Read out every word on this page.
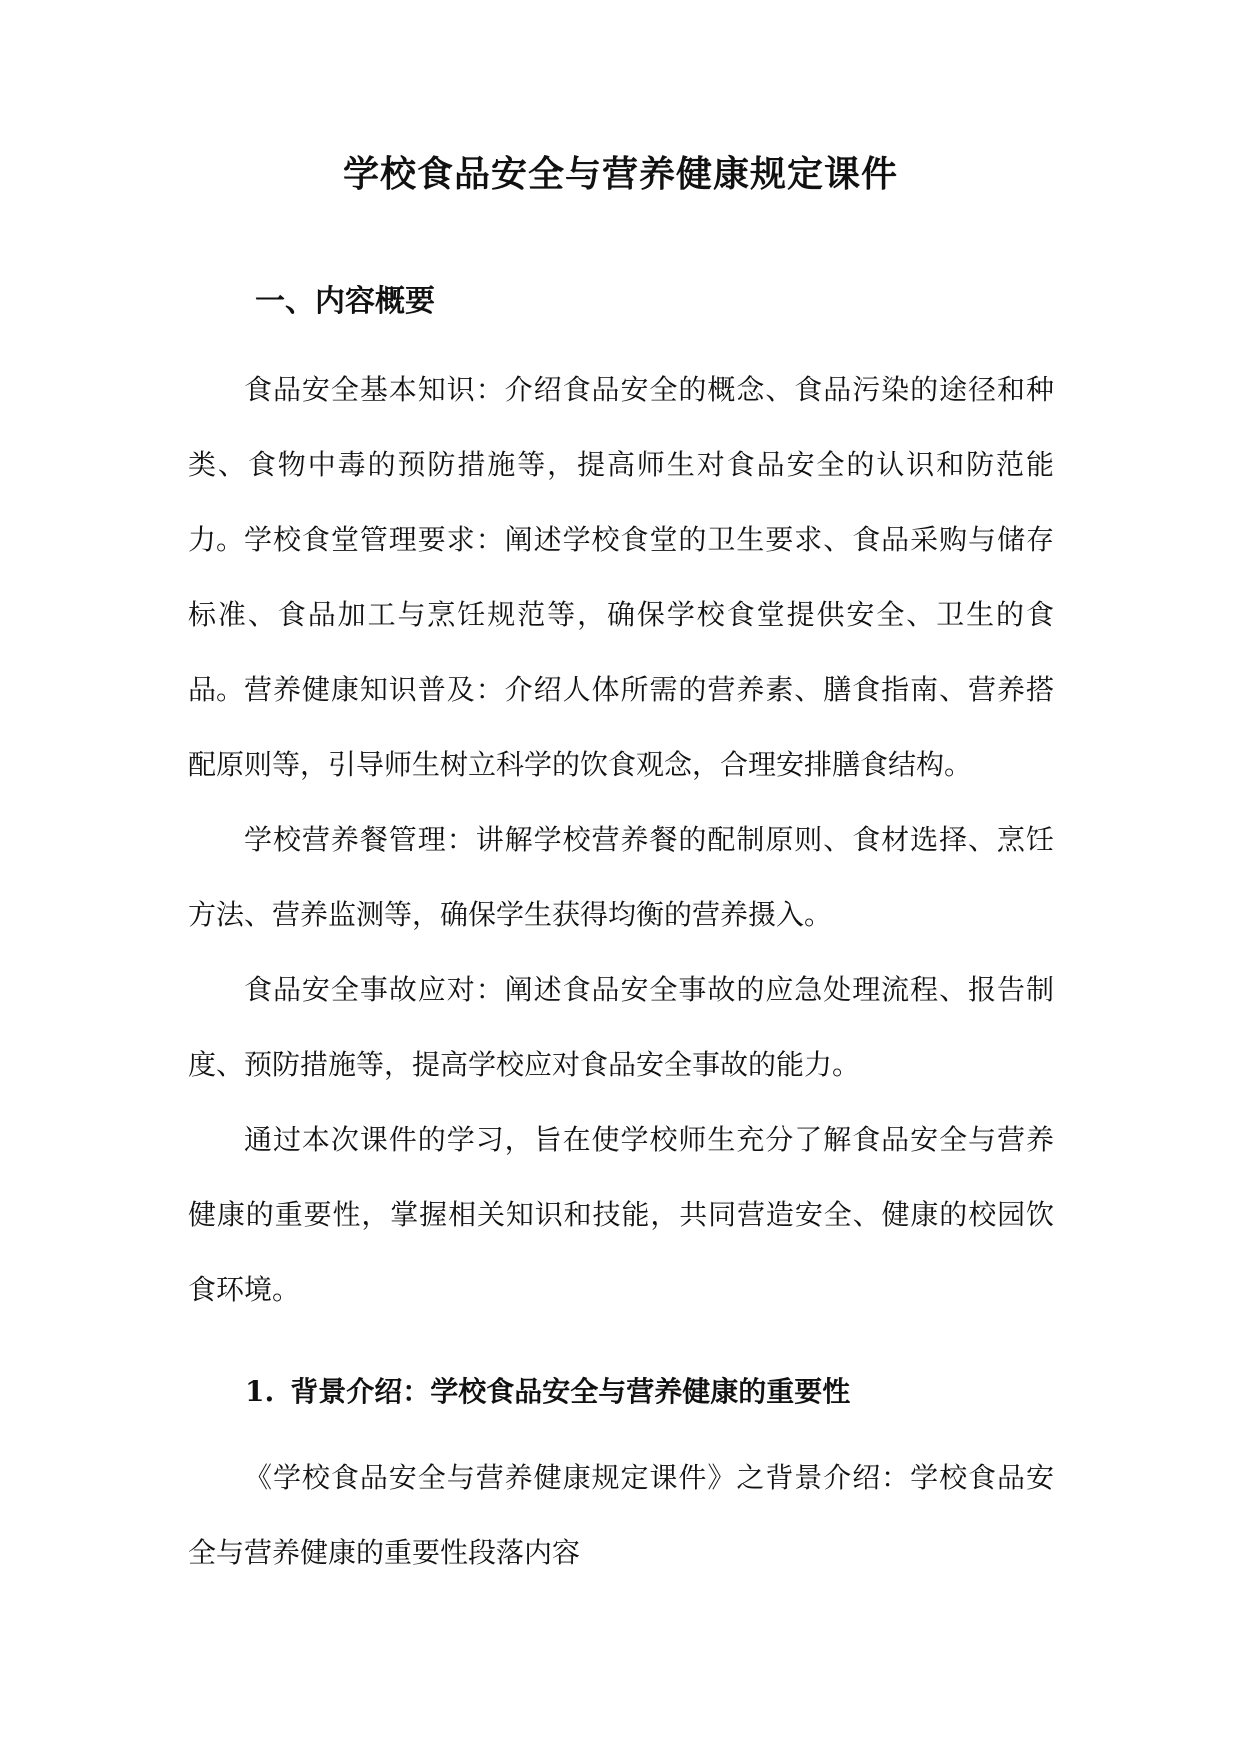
学校食品安全与营养健康规定课件
一、内容概要

食品安全基本知识：介绍食品安全的概念、食品污染的途径和种类、食物中毒的预防措施等，提高师生对食品安全的认识和防范能力。 学校食堂管理要求：阐述学校食堂的卫生要求、食品采购与储存标准、食品加工与烹饪规范等，确保学校食堂提供安全、卫生的食品。 营养健康知识普及：介绍人体所需的营养素、膳食指南、营养搭配原则等，引导师生树立科学的饮食观念，合理安排膳食结构。

学校营养餐管理：讲解学校营养餐的配制原则、食材选择、烹饪方法、营养监测等，确保学生获得均衡的营养摄入。

食品安全事故应对：阐述食品安全事故的应急处理流程、报告制度、预防措施等，提高学校应对食品安全事故的能力。

通过本次课件的学习，旨在使学校师生充分了解食品安全与营养健康的重要性，掌握相关知识和技能，共同营造安全、健康的校园饮食环境。

1. 背景介绍：学校食品安全与营养健康的重要性

《学校食品安全与营养健康规定课件》之背景介绍：学校食品安全与营养健康的重要性段落内容
